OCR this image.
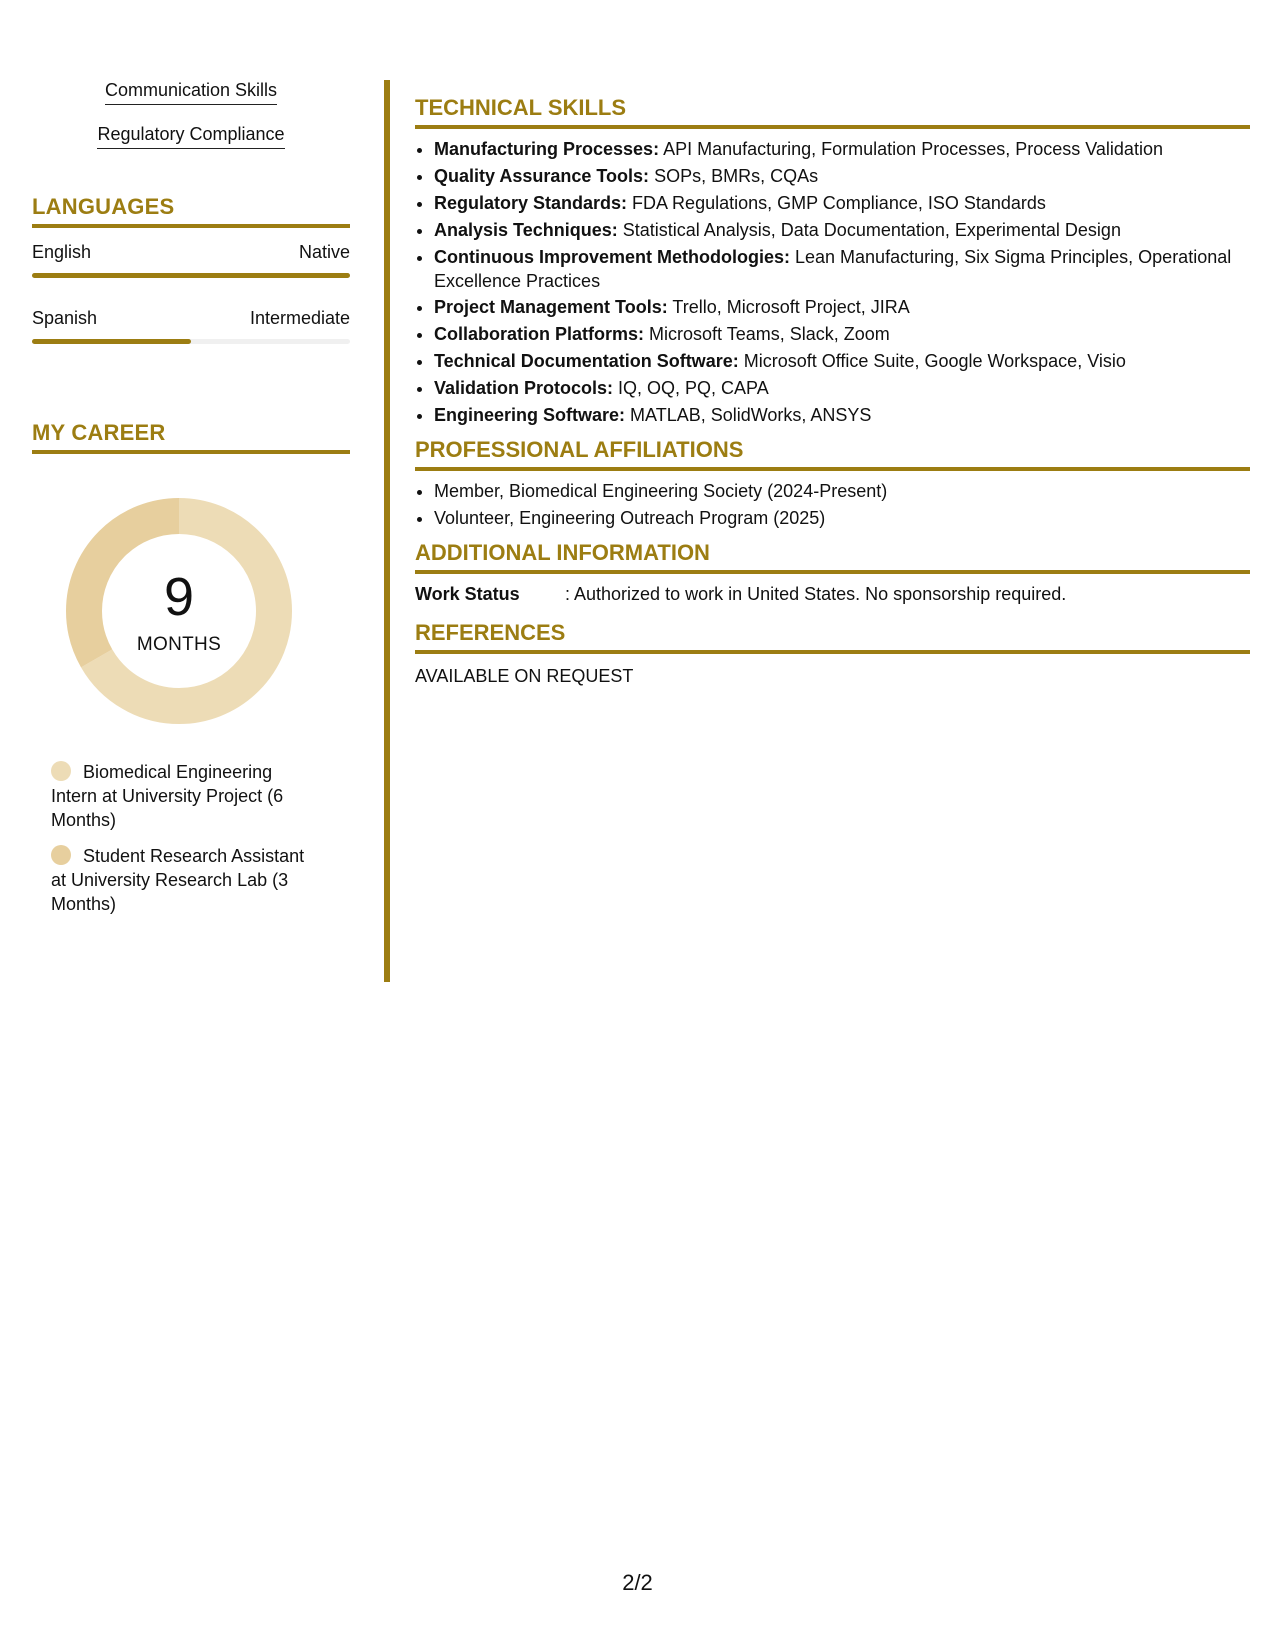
Communication Skills
Regulatory Compliance
LANGUAGES
English	Native
Spanish	Intermediate
MY CAREER
9
MONTHS
Biomedical Engineering Intern at University Project (6 Months)
Student Research Assistant at University Research Lab (3 Months)
TECHNICAL SKILLS
• Manufacturing Processes: API Manufacturing, Formulation Processes, Process Validation
• Quality Assurance Tools: SOPs, BMRs, CQAs
• Regulatory Standards: FDA Regulations, GMP Compliance, ISO Standards
• Analysis Techniques: Statistical Analysis, Data Documentation, Experimental Design
• Continuous Improvement Methodologies: Lean Manufacturing, Six Sigma Principles, Operational Excellence Practices
• Project Management Tools: Trello, Microsoft Project, JIRA
• Collaboration Platforms: Microsoft Teams, Slack, Zoom
• Technical Documentation Software: Microsoft Office Suite, Google Workspace, Visio
• Validation Protocols: IQ, OQ, PQ, CAPA
• Engineering Software: MATLAB, SolidWorks, ANSYS
PROFESSIONAL AFFILIATIONS
• Member, Biomedical Engineering Society (2024-Present)
• Volunteer, Engineering Outreach Program (2025)
ADDITIONAL INFORMATION
Work Status	: Authorized to work in United States. No sponsorship required.
REFERENCES
AVAILABLE ON REQUEST
2/2
